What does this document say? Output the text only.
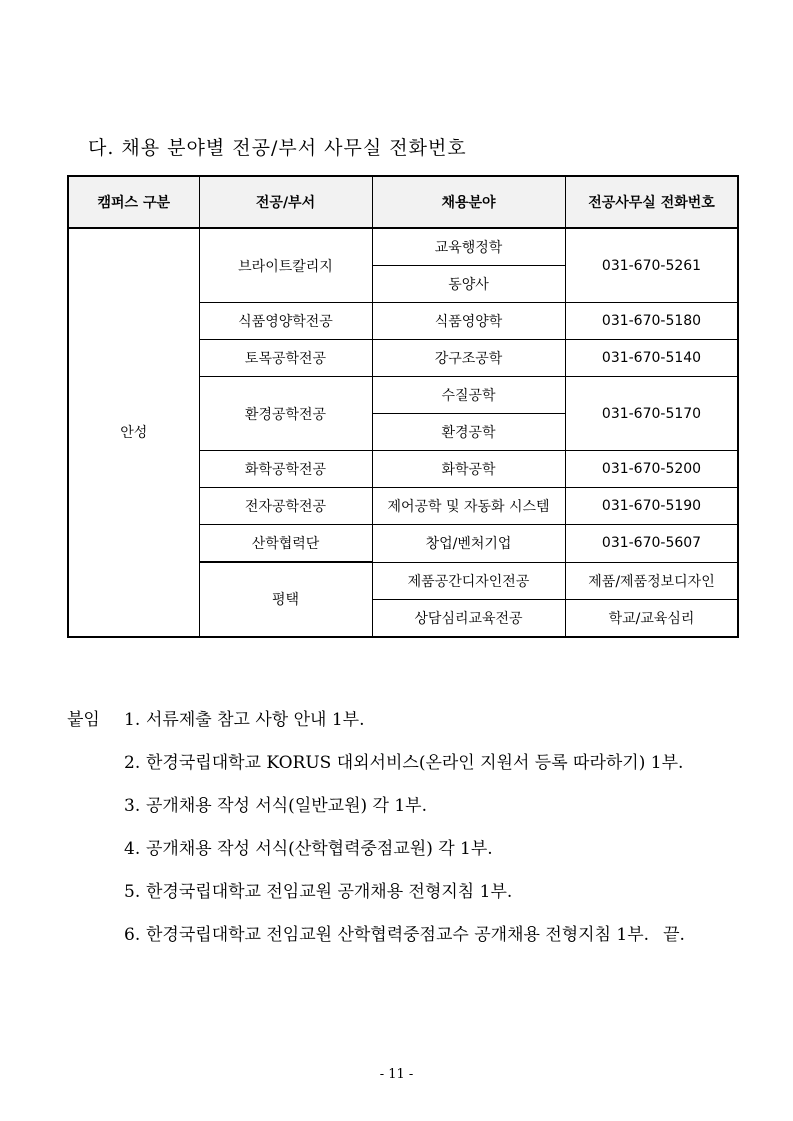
다. 채용 분야별 전공/부서 사무실 전화번호
캠퍼스 구분	전공/부서	채용분야	전공사무실 전화번호	
안성	브라이트칼리지	교육행정학	031-670-5261	
		동양사		
	식품영양학전공	식품영양학	031-670-5180	
	토목공학전공	강구조공학	031-670-5140	
	환경공학전공	수질공학	031-670-5170	
		환경공학		
	화학공학전공	화학공학	031-670-5200	
	전자공학전공	제어공학 및 자동화 시스템	031-670-5190	
	산학협력단	창업/벤처기업	031-670-5607	
	평택	제품공간디자인전공	제품/제품정보디자인	
		상담심리교육전공	학교/교육심리	
붙임 1. 서류제출 참고 사항 안내 1부.
2. 한경국립대학교 KORUS 대외서비스(온라인 지원서 등록 따라하기) 1부.
3. 공개채용 작성 서식(일반교원) 각 1부.
4. 공개채용 작성 서식(산학협력중점교원) 각 1부.
5. 한경국립대학교 전임교원 공개채용 전형지침 1부.
6. 한경국립대학교 전임교원 산학협력중점교수 공개채용 전형지침 1부. 끝.
- 11 -
